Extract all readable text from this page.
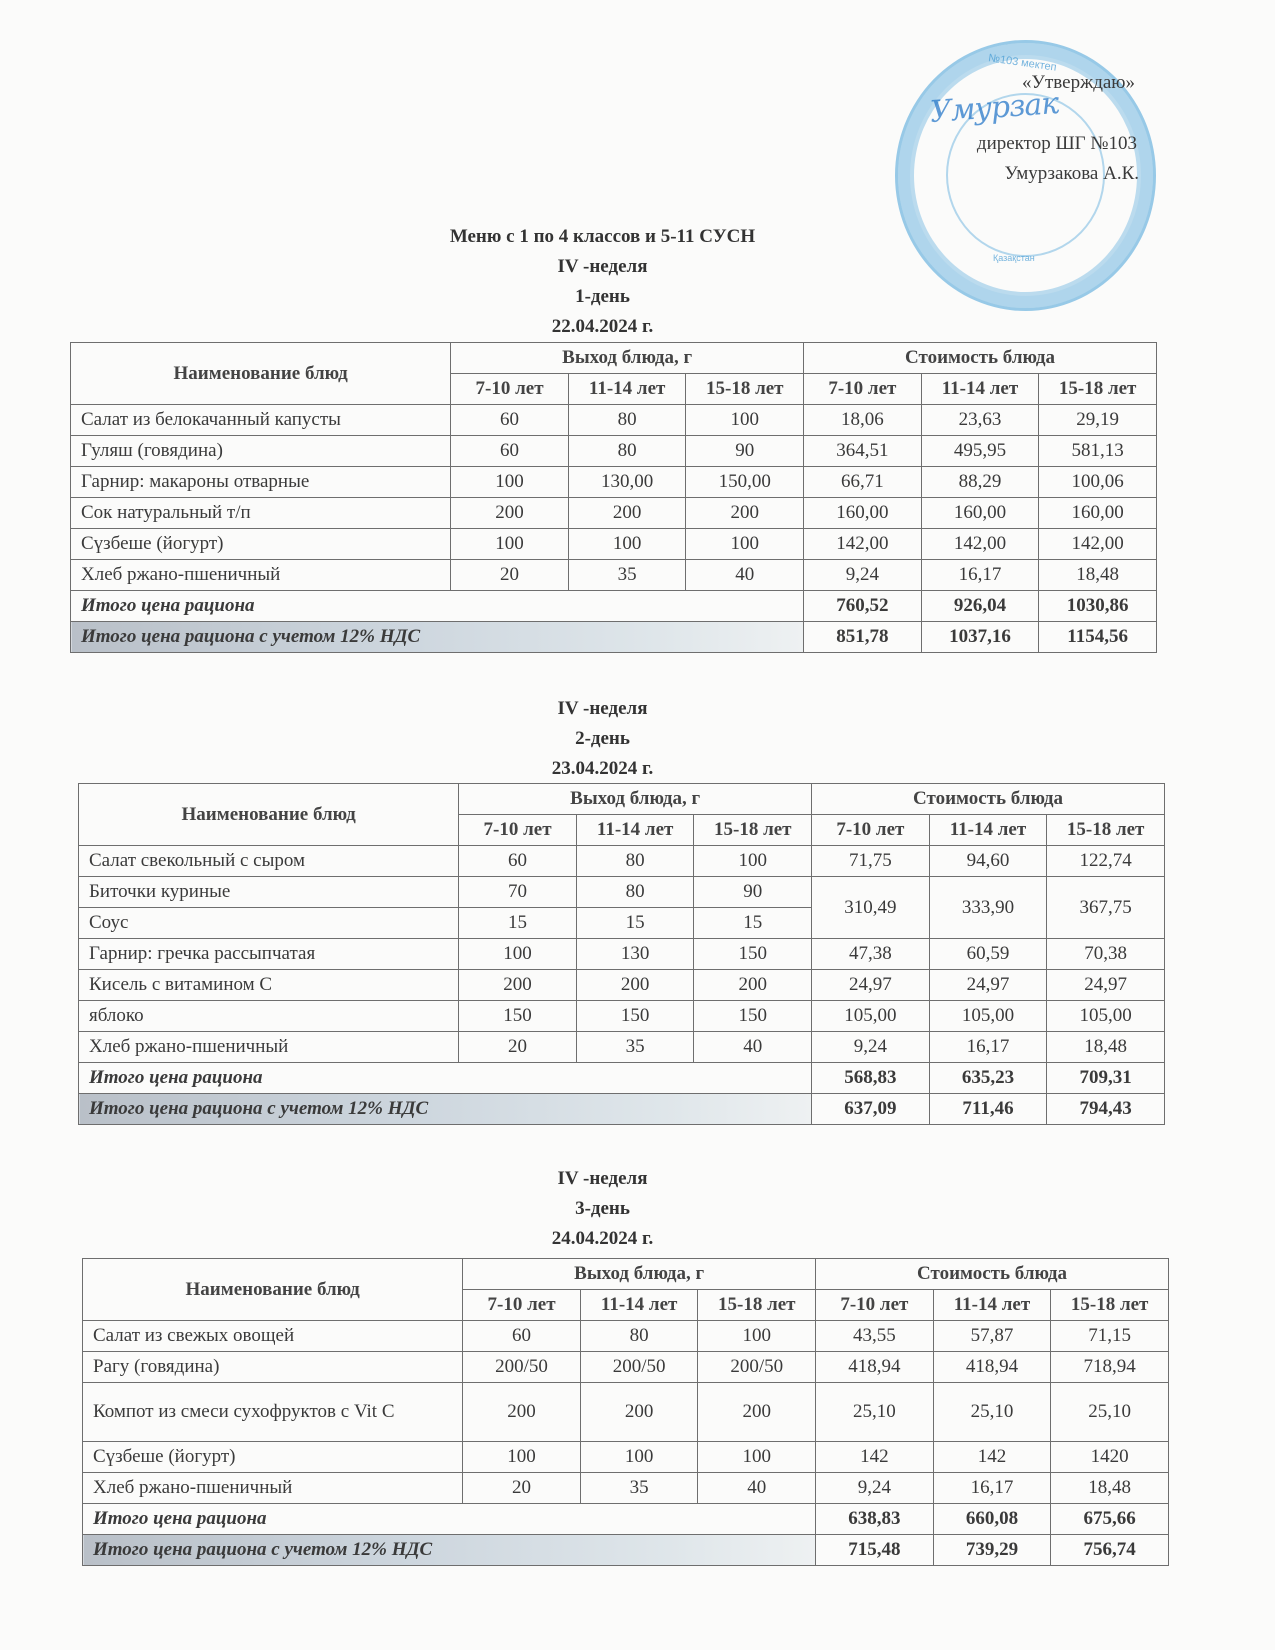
№103 мектеп
Қазақстан
Умурзак
«Утверждаю»
директор ШГ №103
Умурзакова А.К.
Меню с 1 по 4 классов и 5-11 СУСН
IV -неделя
1-день
22.04.2024 г.
Наименование блюд	Выход блюда, г			Стоимость блюда		
	7-10 лет	11-14 лет	15-18 лет	7-10 лет	11-14 лет	15-18 лет
Салат из белокачанный капусты	60	80	100	18,06	23,63	29,19
Гуляш (говядина)	60	80	90	364,51	495,95	581,13
Гарнир: макароны отварные	100	130,00	150,00	66,71	88,29	100,06
Сок натуральный т/п	200	200	200	160,00	160,00	160,00
Сүзбеше (йогурт)	100	100	100	142,00	142,00	142,00
Хлеб ржано-пшеничный	20	35	40	9,24	16,17	18,48
Итого цена рациона				760,52	926,04	1030,86
Итого цена рациона с учетом 12% НДС				851,78	1037,16	1154,56
IV -неделя
2-день
23.04.2024 г.
Наименование блюд	Выход блюда, г			Стоимость блюда		
	7-10 лет	11-14 лет	15-18 лет	7-10 лет	11-14 лет	15-18 лет
Салат свекольный с сыром	60	80	100	71,75	94,60	122,74
Биточки куриные	70	80	90	310,49	333,90	367,75
Соус	15	15	15			
Гарнир: гречка рассыпчатая	100	130	150	47,38	60,59	70,38
Кисель с витамином С	200	200	200	24,97	24,97	24,97
яблоко	150	150	150	105,00	105,00	105,00
Хлеб ржано-пшеничный	20	35	40	9,24	16,17	18,48
Итого цена рациона				568,83	635,23	709,31
Итого цена рациона с учетом 12% НДС				637,09	711,46	794,43
IV -неделя
3-день
24.04.2024 г.
Наименование блюд	Выход блюда, г			Стоимость блюда		
	7-10 лет	11-14 лет	15-18 лет	7-10 лет	11-14 лет	15-18 лет
Салат из свежых овощей	60	80	100	43,55	57,87	71,15
Рагу (говядина)	200/50	200/50	200/50	418,94	418,94	718,94
Компот из смеси сухофруктов с Vit С	200	200	200	25,10	25,10	25,10
Сүзбеше (йогурт)	100	100	100	142	142	1420
Хлеб ржано-пшеничный	20	35	40	9,24	16,17	18,48
Итого цена рациона				638,83	660,08	675,66
Итого цена рациона с учетом 12% НДС				715,48	739,29	756,74
